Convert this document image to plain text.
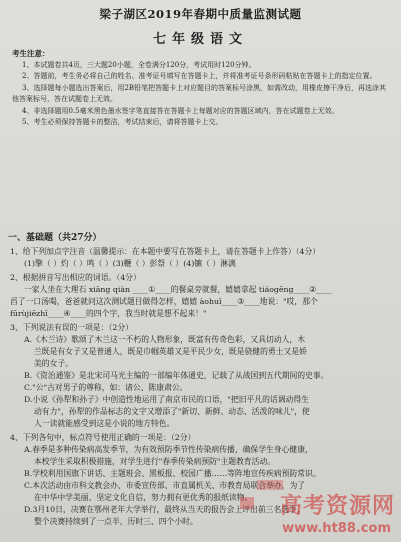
梁子湖区2019年春期中质量监测试题
七年级语文
考生注意：
1、本试题卷共4页，三大题20小题，全卷满分120分，考试用时120分钟。
2、答题前，考生务必将自己的姓名、准考证号填写在答题卡上，并将准考证号条形码粘贴在答题卡上的指定位置。
3、选择题每小题选出答案后，用2B铅笔把答题卡上对应题目的答案标号涂黑，如需改动，用橡皮擦干净后，再选涂其他答案标号，答在试题卷上无效。
4、非选择题用0.5毫米黑色墨水签字笔直接答在答题卡上每题对应的答题区域内，答在试题卷上无效。
5、考生必须保持答题卡的整洁，考试结束后，请将答题卡上交。
一、基础题（共27分）
1、给下列加点字注音（温馨提示：在本题中要写在答题卡上，请在答题卡上作答）（4分）
(1)擎（ ）灼（ ）鸣（ ）(3)鞭（ ）彭祭（ ）(4)镳（ ）淋漓
2、根据拼音写出相应的词语。（4分）
一家人坐在大理石 xiāng qiàn ____①____的餐桌旁就餐，嬉嬉拿起 tiáogēng____②____
舀了一口汤喝，爸爸就问这次测试题目做得怎样，嬉嬉 àohuǐ____③____地说："哎，那个
fūrùjiēzhī____④____的四个字，我当时就是想不起来！"
3、下列说法有误的一项是：（2分）
A.《木兰诗》歌颂了木兰这一不朽的人物形象，既富有传奇色彩，又具切动人，木
兰既是有女子又是普通人，既是巾帼英雄又是平民少女，既是骁健的勇士又是娇
美的女子。
B.《资治通鉴》是北宋司马光主编的一部编年体通史，记载了从战国到五代期间的史事。
C."公"古对男子的尊称，如：诸公、陈康肃公。
D.小说《孙犁和孙子》中创造性地运用了南京市民的口语，"把旧平凡的话调动得生
动有力"，孙犁的作品标志的文字又增添了"新切、新鲜、动态、活泼的味儿"，使
人一读就能感受到这是小说的地方特色。
4、下列各句中，标点符号使用正确的一项是：（2分）
A.春季是多种传染病高发季节，为有效预防季节性传染病传播，确保学生身心健康，
本校学生采取积极措施，对学生进行"春季传染病预防"主题教育活动。
B.学校利用国旗下讲话、主题班会、黑板报、校园广播……等阵地宣传疾病预防常识。
C.本次活动由市科文教会办、市委宣传部、市直属机关、市教育局联合举办，为了
在中华中学美丽、坚定文化自信，努力拥有更优秀的报纸读物。
D.3月10日，决赛在鄂州老年大学举行，最终从当天的报告会上评出前三名选手，
整个决赛持续到了一点半，历时三、四个小时。
高考资源网
www.ht88.com
